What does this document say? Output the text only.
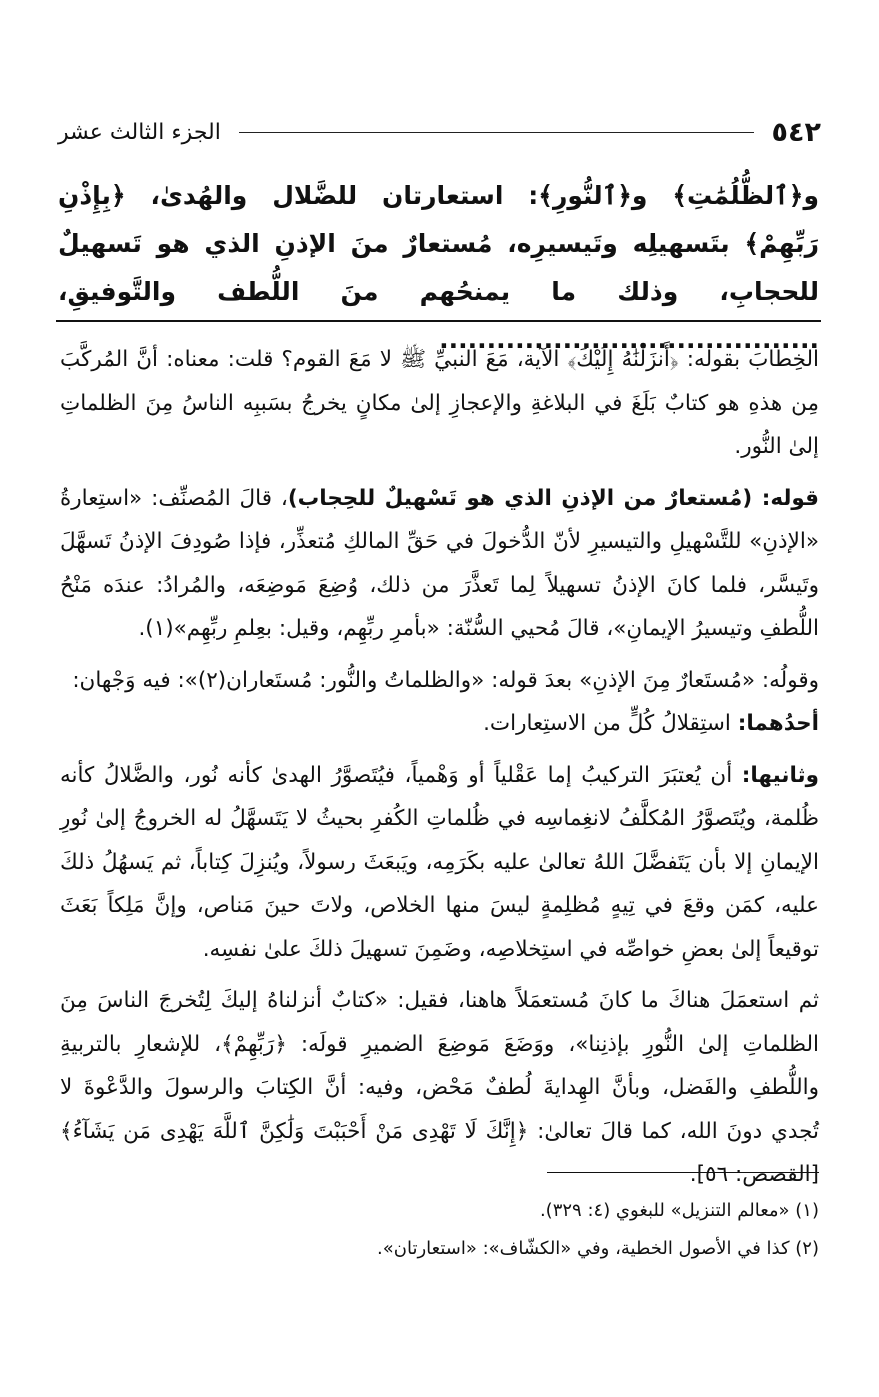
٥٤٢
الجزء الثالث عشر

و﴿ٱلظُّلُمَٰتِ﴾ و﴿ٱلنُّورِ﴾: استعارتان للضَّلال والهُدىٰ، ﴿بِإِذْنِ رَبِّهِمْ﴾ بتَسهيلِه وتَيسيرِه، مُستعارٌ منَ الإذنِ الذي هو تَسهيلٌ للحجابِ، وذلك ما يمنحُهم منَ اللُّطف والتَّوفيقِ، ........................................

الخِطابَ بقوله: ﴿أَنزَلْنَٰهُ إِلَيْكَ﴾ الآية، مَعَ النبيِّ ﷺ لا مَعَ القوم؟ قلت: معناه: أنَّ المُركَّبَ مِن هذهِ هو كتابٌ بَلَغَ في البلاغةِ والإعجازِ إلىٰ مكانٍ يخرجُ بسَببِه الناسُ مِنَ الظلماتِ إلىٰ النُّور.

قوله: (مُستعارٌ من الإذنِ الذي هو تَسْهيلٌ للحِجاب)، قالَ المُصنِّف: «استِعارةُ «الإذنِ» للتَّسْهيلِ والتيسيرِ لأنّ الدُّخولَ في حَقِّ المالكِ مُتعذِّر، فإذا صُودِفَ الإذنُ تَسهَّلَ وتَيسَّر، فلما كانَ الإذنُ تسهيلاً لِما تَعذَّرَ من ذلك، وُضِعَ مَوضِعَه، والمُرادُ: عندَه مَنْحُ اللُّطفِ وتيسيرُ الإيمانِ»، قالَ مُحيي السُّنّة: «بأمرِ ربِّهِم، وقيل: بعِلمِ ربِّهِم»(١).

وقولُه: «مُستَعارٌ مِنَ الإذنِ» بعدَ قوله: «والظلماتُ والنُّور: مُستَعاران(٢)»: فيه وَجْهان:

أحدُهما: استِقلالُ كُلٍّ من الاستِعارات.

وثانيها: أن يُعتبَرَ التركيبُ إما عَقْلياً أو وَهْمياً، فيُتَصوَّرُ الهدىٰ كأنه نُور، والضَّلالُ كأنه ظُلمة، ويُتَصوَّرُ المُكلَّفُ لانغِماسِه في ظُلماتِ الكُفرِ بحيثُ لا يَتَسهَّلُ له الخروجُ إلىٰ نُورِ الإيمانِ إلا بأن يَتَفضَّلَ اللهُ تعالىٰ عليه بكَرَمِه، ويَبعَثَ رسولاً، ويُنزِلَ كِتاباً، ثم يَسهُلُ ذلكَ عليه، كمَن وقعَ في تِيهٍ مُظلِمةٍ ليسَ منها الخلاص، ولاتَ حينَ مَناص، وإنَّ مَلِكاً بَعَثَ توقيعاً إلىٰ بعضِ خواصِّه في استِخلاصِه، وضَمِنَ تسهيلَ ذلكَ علىٰ نفسِه.

ثم استعمَلَ هناكَ ما كانَ مُستعمَلاً هاهنا، فقيل: «كتابٌ أنزلناهُ إليكَ لِتُخرجَ الناسَ مِنَ الظلماتِ إلىٰ النُّورِ بإذنِنا»، ووَضَعَ مَوضِعَ الضميرِ قولَه: ﴿رَبِّهِمْ﴾، للإشعارِ بالتربيةِ واللُّطفِ والفَضل، وبأنَّ الهِدايةَ لُطفٌ مَحْض، وفيه: أنَّ الكِتابَ والرسولَ والدَّعْوةَ لا تُجدي دونَ الله، كما قالَ تعالىٰ: ﴿إِنَّكَ لَا تَهْدِى مَنْ أَحْبَبْتَ وَلَٰكِنَّ ٱللَّهَ يَهْدِى مَن يَشَآءُ﴾ [القصص: ٥٦].

(١) «معالم التنزيل» للبغوي (٤: ٣٢٩).
(٢) كذا في الأصول الخطية، وفي «الكشّاف»: «استعارتان».
